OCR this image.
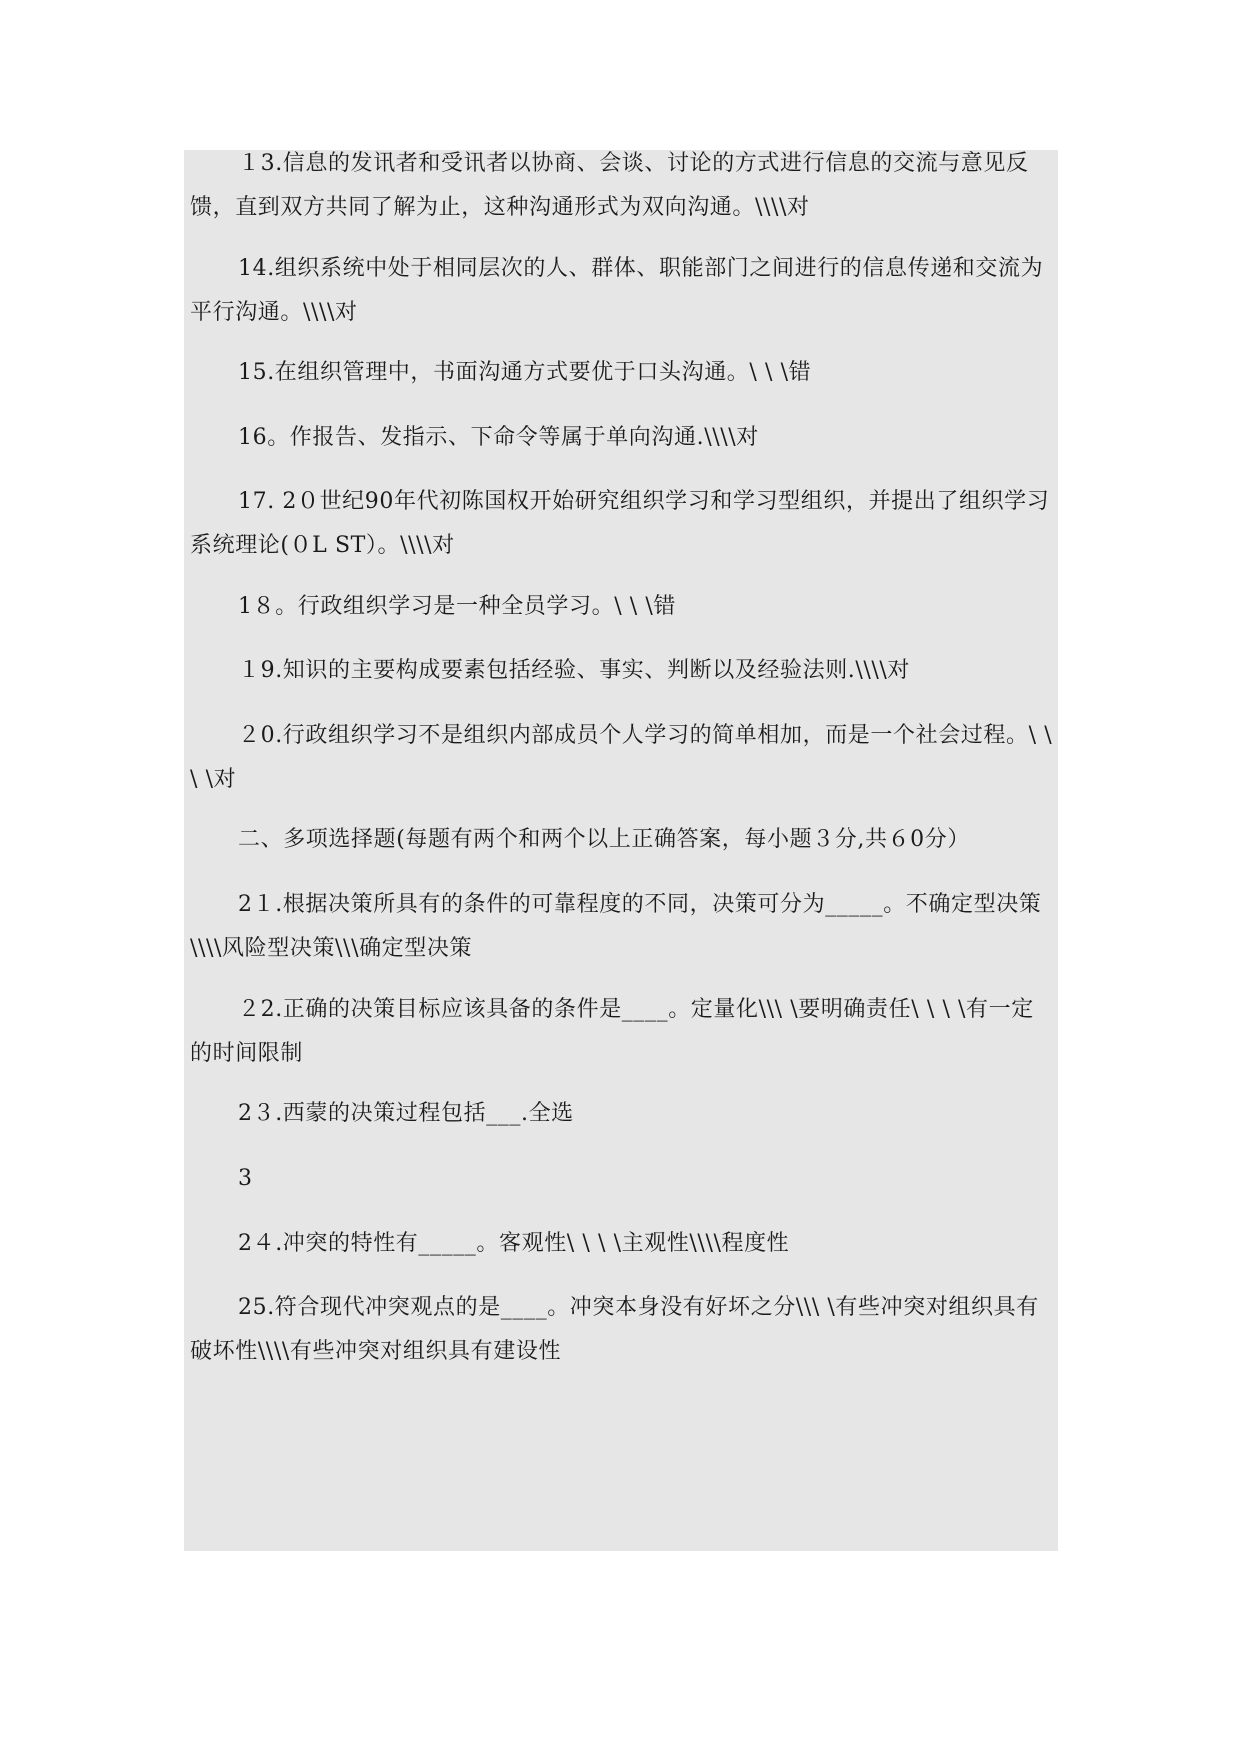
１3.信息的发讯者和受讯者以协商、会谈、讨论的方式进行信息的交流与意见反馈，直到双方共同了解为止，这种沟通形式为双向沟通。\\\\对

14.组织系统中处于相同层次的人、群体、职能部门之间进行的信息传递和交流为平行沟通。\\\\对

15.在组织管理中，书面沟通方式要优于口头沟通。\ \ \错

16。作报告、发指示、下命令等属于单向沟通.\\\\对

17. 2０世纪90年代初陈国权开始研究组织学习和学习型组织，并提出了组织学习系统理论(０L ST）。\\\\对

1８。行政组织学习是一种全员学习。\ \ \错

１9.知识的主要构成要素包括经验、事实、判断以及经验法则.\\\\对

２0.行政组织学习不是组织内部成员个人学习的简单相加，而是一个社会过程。\ \ \ \对

二、多项选择题(每题有两个和两个以上正确答案，每小题３分,共６0分）

2１.根据决策所具有的条件的可靠程度的不同，决策可分为_____。不确定型决策\\\\风险型决策\\\确定型决策

２2.正确的决策目标应该具备的条件是____。定量化\\\ \要明确责任\ \ \ \有一定的时间限制

2３.西蒙的决策过程包括___.全选

3

2４.冲突的特性有_____。客观性\ \ \ \主观性\\\\程度性

25.符合现代冲突观点的是____。冲突本身没有好坏之分\\\ \有些冲突对组织具有破坏性\\\\有些冲突对组织具有建设性
